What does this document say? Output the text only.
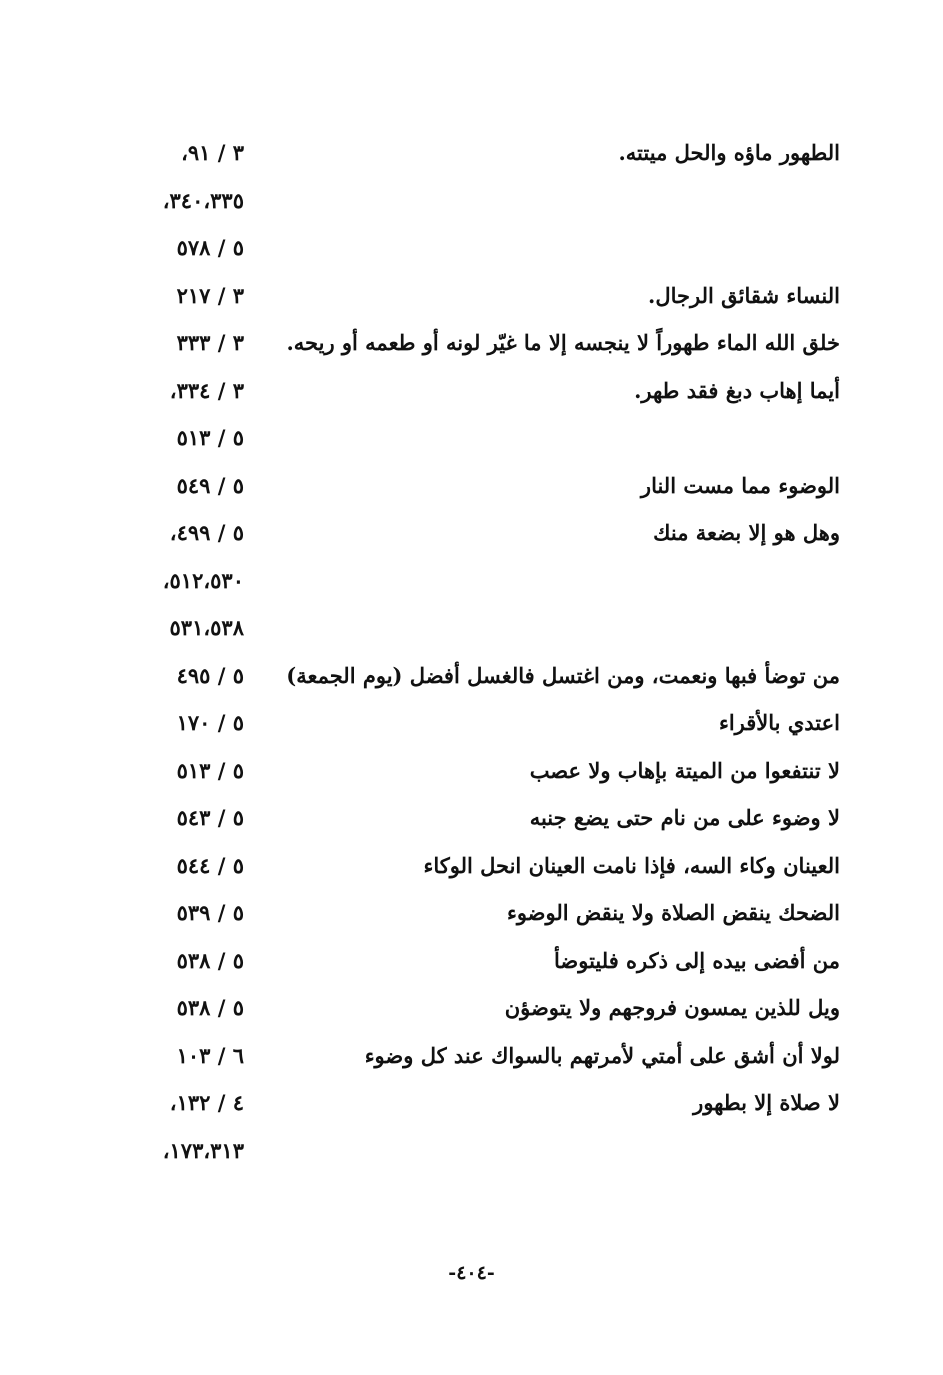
الطهور ماؤه والحل ميتته.
٣ / ٩١،
٣٤٠،٣٣٥،
٥ / ٥٧٨
النساء شقائق الرجال.
٣ / ٢١٧
خلق الله الماء طهوراً لا ينجسه إلا ما غيّر لونه أو طعمه أو ريحه.
٣ / ٣٣٣
أيما إهاب دبغ فقد طهر.
٣ / ٣٣٤،
٥ / ٥١٣
الوضوء مما مست النار
٥ / ٥٤٩
وهل هو إلا بضعة منك
٥ / ٤٩٩،
٥١٢،٥٣٠،
٥٣١،٥٣٨
من توضأ فبها ونعمت، ومن اغتسل فالغسل أفضل (يوم الجمعة)
٥ / ٤٩٥
اعتدي بالأقراء
٥ / ١٧٠
لا تنتفعوا من الميتة بإهاب ولا عصب
٥ / ٥١٣
لا وضوء على من نام حتى يضع جنبه
٥ / ٥٤٣
العينان وكاء السه، فإذا نامت العينان انحل الوكاء
٥ / ٥٤٤
الضحك ينقض الصلاة ولا ينقض الوضوء
٥ / ٥٣٩
من أفضى بيده إلى ذكره فليتوضأ
٥ / ٥٣٨
ويل للذين يمسون فروجهم ولا يتوضؤن
٥ / ٥٣٨
لولا أن أشق على أمتي لأمرتهم بالسواك عند كل وضوء
٦ / ١٠٣
لا صلاة إلا بطهور
٤ / ١٣٢،
١٧٣،٣١٣،
-٤٠٤-
